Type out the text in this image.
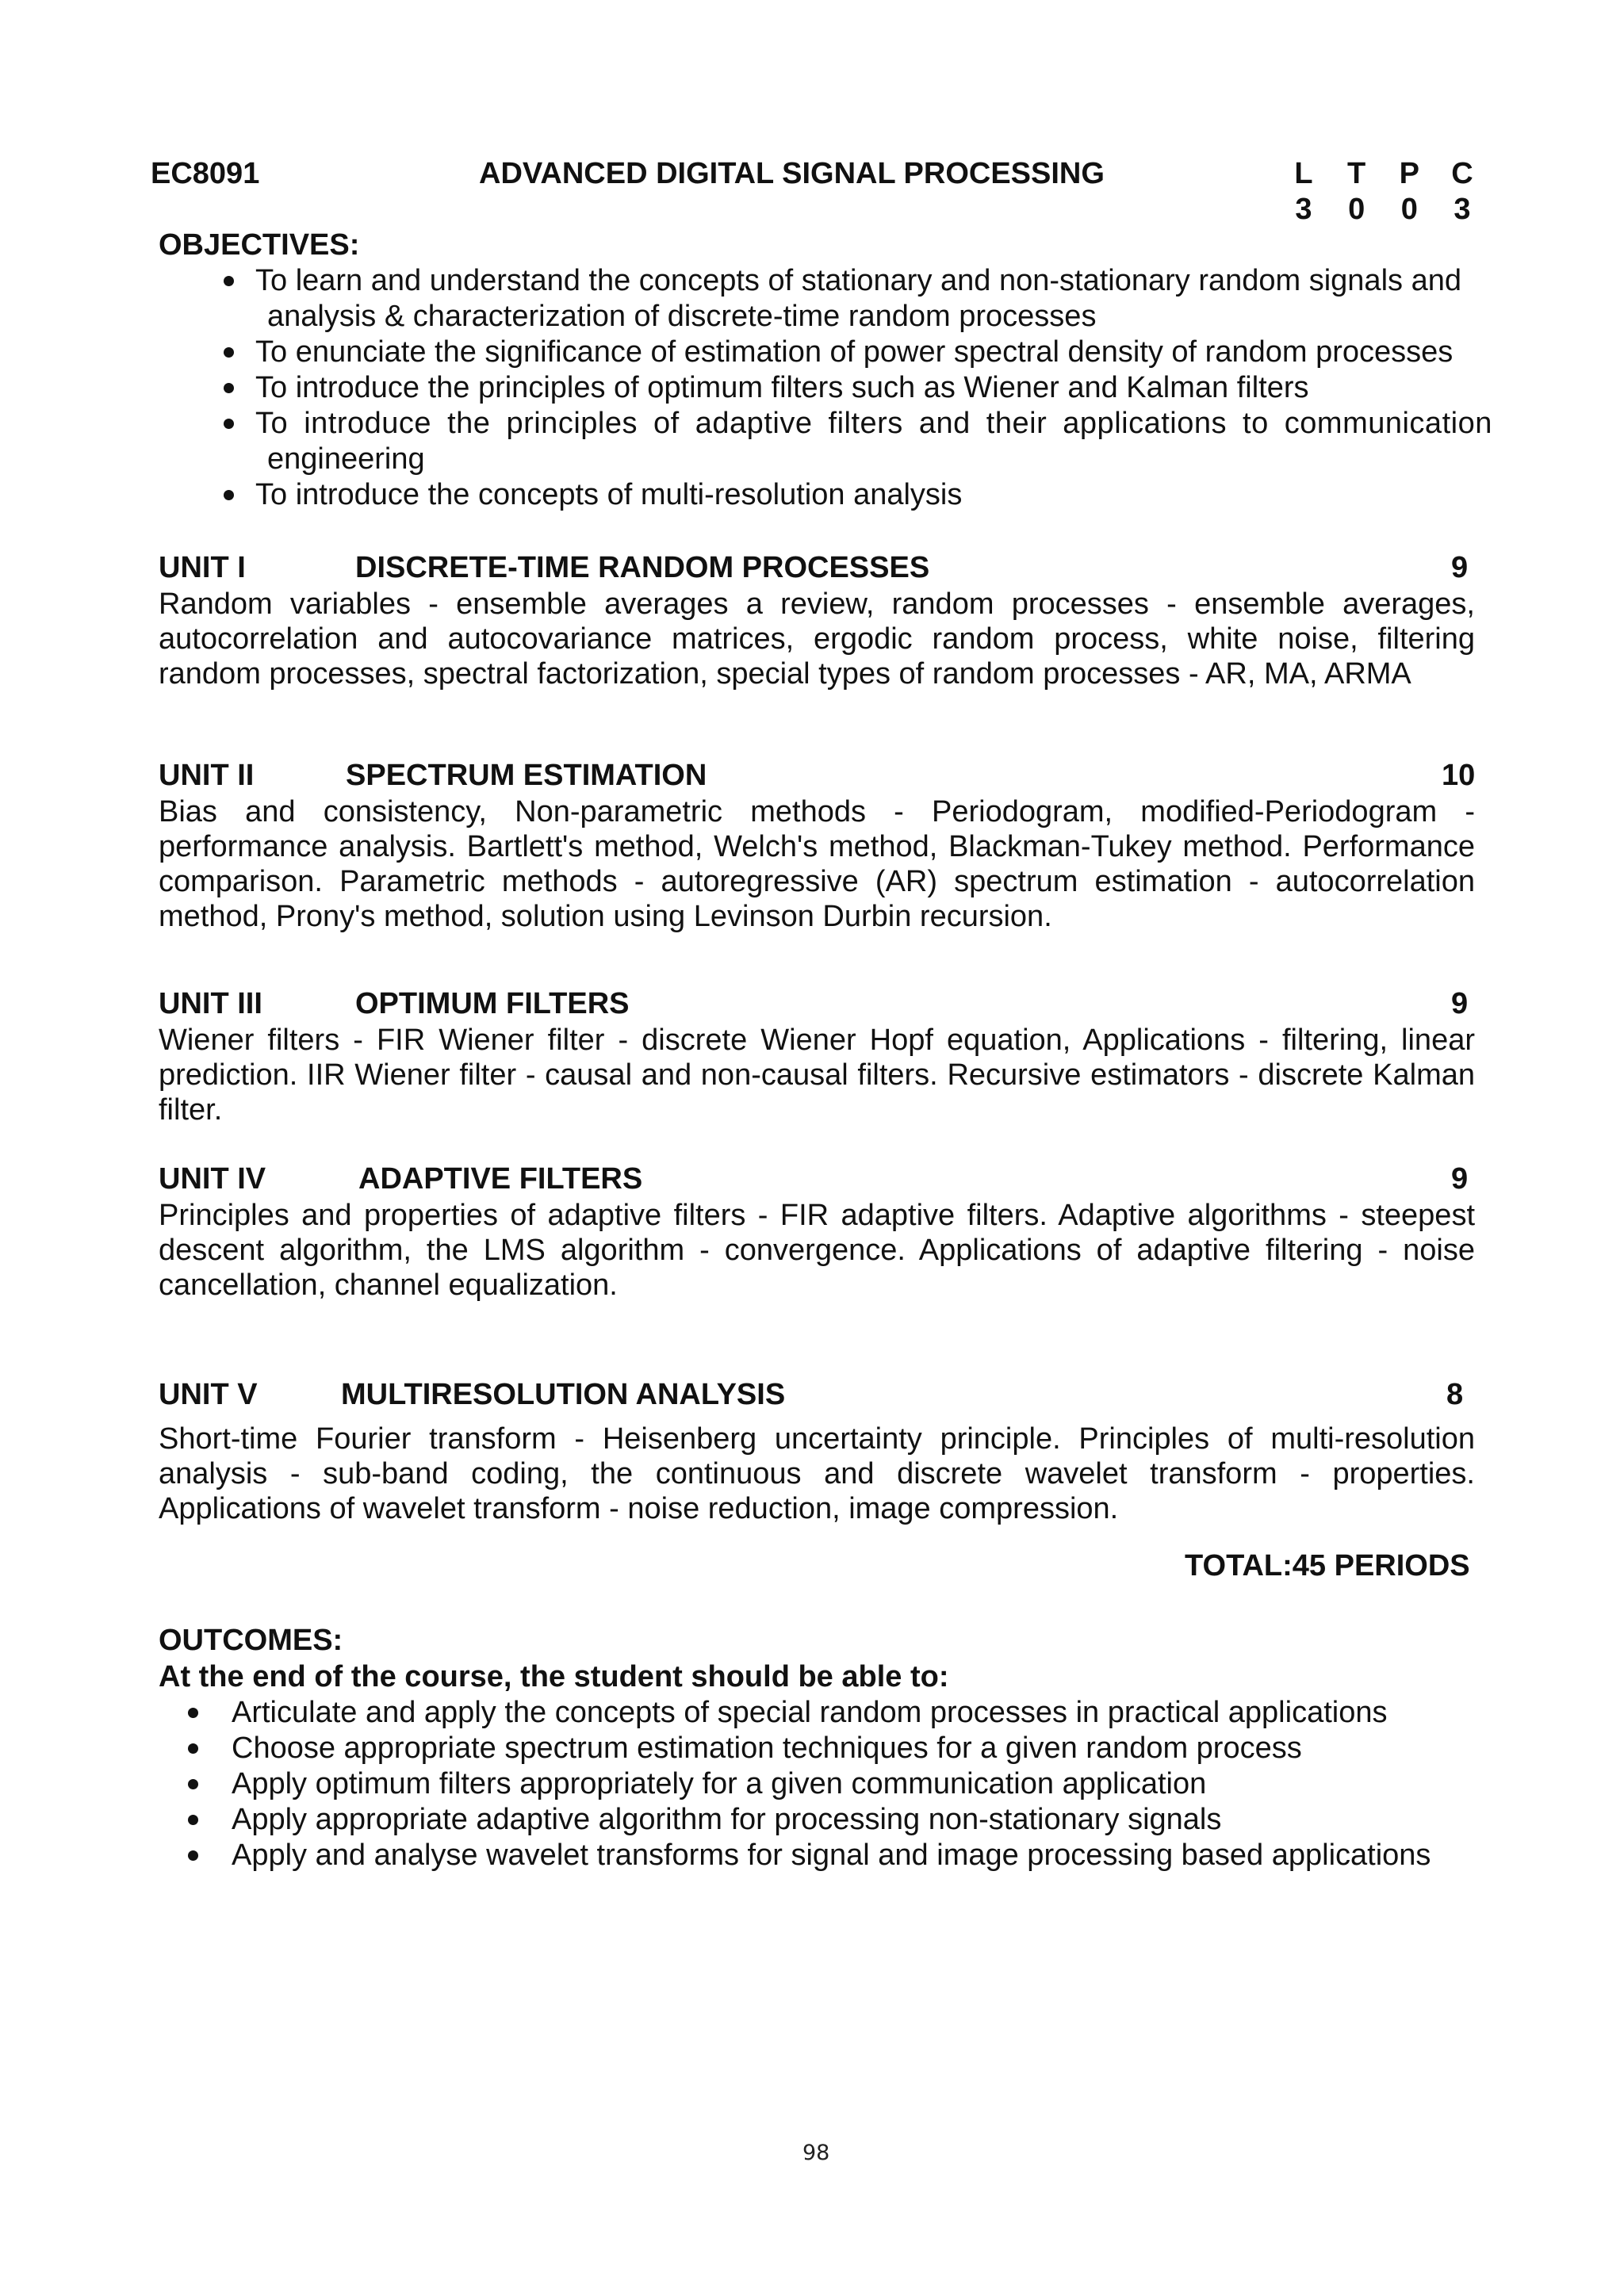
EC8091	ADVANCED DIGITAL SIGNAL PROCESSING	L T P C
3 0 0 3
OBJECTIVES:
To learn and understand the concepts of stationary and non-stationary random signals and
analysis & characterization of discrete-time random processes
To enunciate the significance of estimation of power spectral density of random processes
To introduce the principles of optimum filters such as Wiener and Kalman filters
To introduce the principles of adaptive filters and their applications to communication
engineering
To introduce the concepts of multi-resolution analysis
UNIT I	DISCRETE-TIME RANDOM PROCESSES	9
Random variables - ensemble averages a review, random processes - ensemble averages, autocorrelation and autocovariance matrices, ergodic random process, white noise, filtering random processes, spectral factorization, special types of random processes - AR, MA, ARMA
UNIT II	SPECTRUM ESTIMATION	10
Bias and consistency, Non-parametric methods - Periodogram, modified-Periodogram - performance analysis. Bartlett's method, Welch's method, Blackman-Tukey method. Performance comparison. Parametric methods - autoregressive (AR) spectrum estimation - autocorrelation method, Prony's method, solution using Levinson Durbin recursion.
UNIT III	OPTIMUM FILTERS	9
Wiener filters - FIR Wiener filter - discrete Wiener Hopf equation, Applications - filtering, linear prediction. IIR Wiener filter - causal and non-causal filters. Recursive estimators - discrete Kalman filter.
UNIT IV	ADAPTIVE FILTERS	9
Principles and properties of adaptive filters - FIR adaptive filters. Adaptive algorithms - steepest descent algorithm, the LMS algorithm - convergence. Applications of adaptive filtering - noise cancellation, channel equalization.
UNIT V	MULTIRESOLUTION ANALYSIS	8
Short-time Fourier transform - Heisenberg uncertainty principle. Principles of multi-resolution analysis - sub-band coding, the continuous and discrete wavelet transform - properties. Applications of wavelet transform - noise reduction, image compression.
TOTAL:45 PERIODS
OUTCOMES:
At the end of the course, the student should be able to:
Articulate and apply the concepts of special random processes in practical applications
Choose appropriate spectrum estimation techniques for a given random process
Apply optimum filters appropriately for a given communication application
Apply appropriate adaptive algorithm for processing non-stationary signals
Apply and analyse wavelet transforms for signal and image processing based applications
98
